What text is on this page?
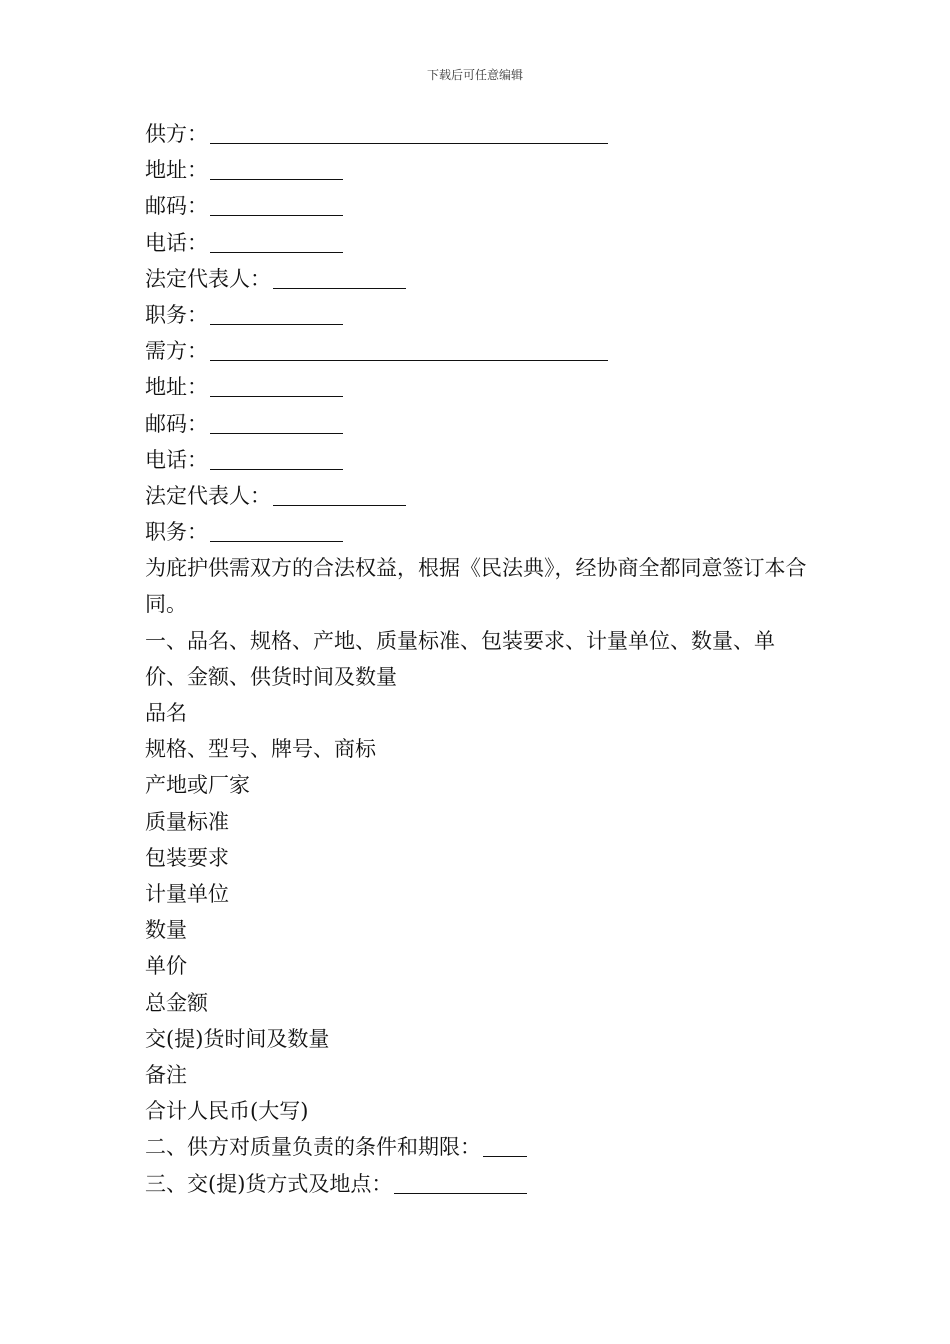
下载后可任意编辑
供方：
地址：
邮码：
电话：
法定代表人：
职务：
需方：
地址：
邮码：
电话：
法定代表人：
职务：
为庇护供需双方的合法权益，根据《民法典》，经协商全都同意签订本合同。
一、品名、规格、产地、质量标准、包装要求、计量单位、数量、单价、金额、供货时间及数量
品名
规格、型号、牌号、商标
产地或厂家
质量标准
包装要求
计量单位
数量
单价
总金额
交(提)货时间及数量
备注
合计人民币(大写)
二、供方对质量负责的条件和期限：
三、交(提)货方式及地点：
